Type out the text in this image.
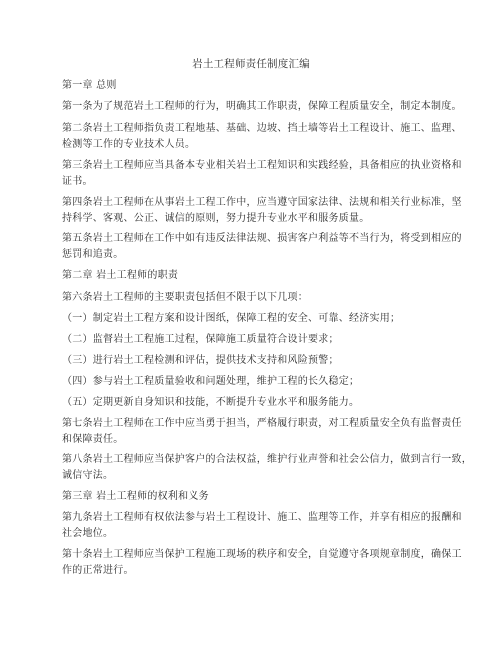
岩土工程师责任制度汇编
第一章 总则
第一条为了规范岩土工程师的行为，明确其工作职责，保障工程质量安全，制定本制度。
第二条岩土工程师指负责工程地基、基础、边坡、挡土墙等岩土工程设计、施工、监理、
检测等工作的专业技术人员。
第三条岩土工程师应当具备本专业相关岩土工程知识和实践经验，具备相应的执业资格和
证书。
第四条岩土工程师在从事岩土工程工作中，应当遵守国家法律、法规和相关行业标准，坚
持科学、客观、公正、诚信的原则，努力提升专业水平和服务质量。
第五条岩土工程师在工作中如有违反法律法规、损害客户利益等不当行为，将受到相应的
惩罚和追责。
第二章 岩土工程师的职责
第六条岩土工程师的主要职责包括但不限于以下几项：
（一）制定岩土工程方案和设计图纸，保障工程的安全、可靠、经济实用；
（二）监督岩土工程施工过程，保障施工质量符合设计要求；
（三）进行岩土工程检测和评估，提供技术支持和风险预警；
（四）参与岩土工程质量验收和问题处理，维护工程的长久稳定；
（五）定期更新自身知识和技能，不断提升专业水平和服务能力。
第七条岩土工程师在工作中应当勇于担当，严格履行职责，对工程质量安全负有监督责任
和保障责任。
第八条岩土工程师应当保护客户的合法权益，维护行业声誉和社会公信力，做到言行一致，
诚信守法。
第三章 岩土工程师的权利和义务
第九条岩土工程师有权依法参与岩土工程设计、施工、监理等工作，并享有相应的报酬和
社会地位。
第十条岩土工程师应当保护工程施工现场的秩序和安全，自觉遵守各项规章制度，确保工
作的正常进行。
